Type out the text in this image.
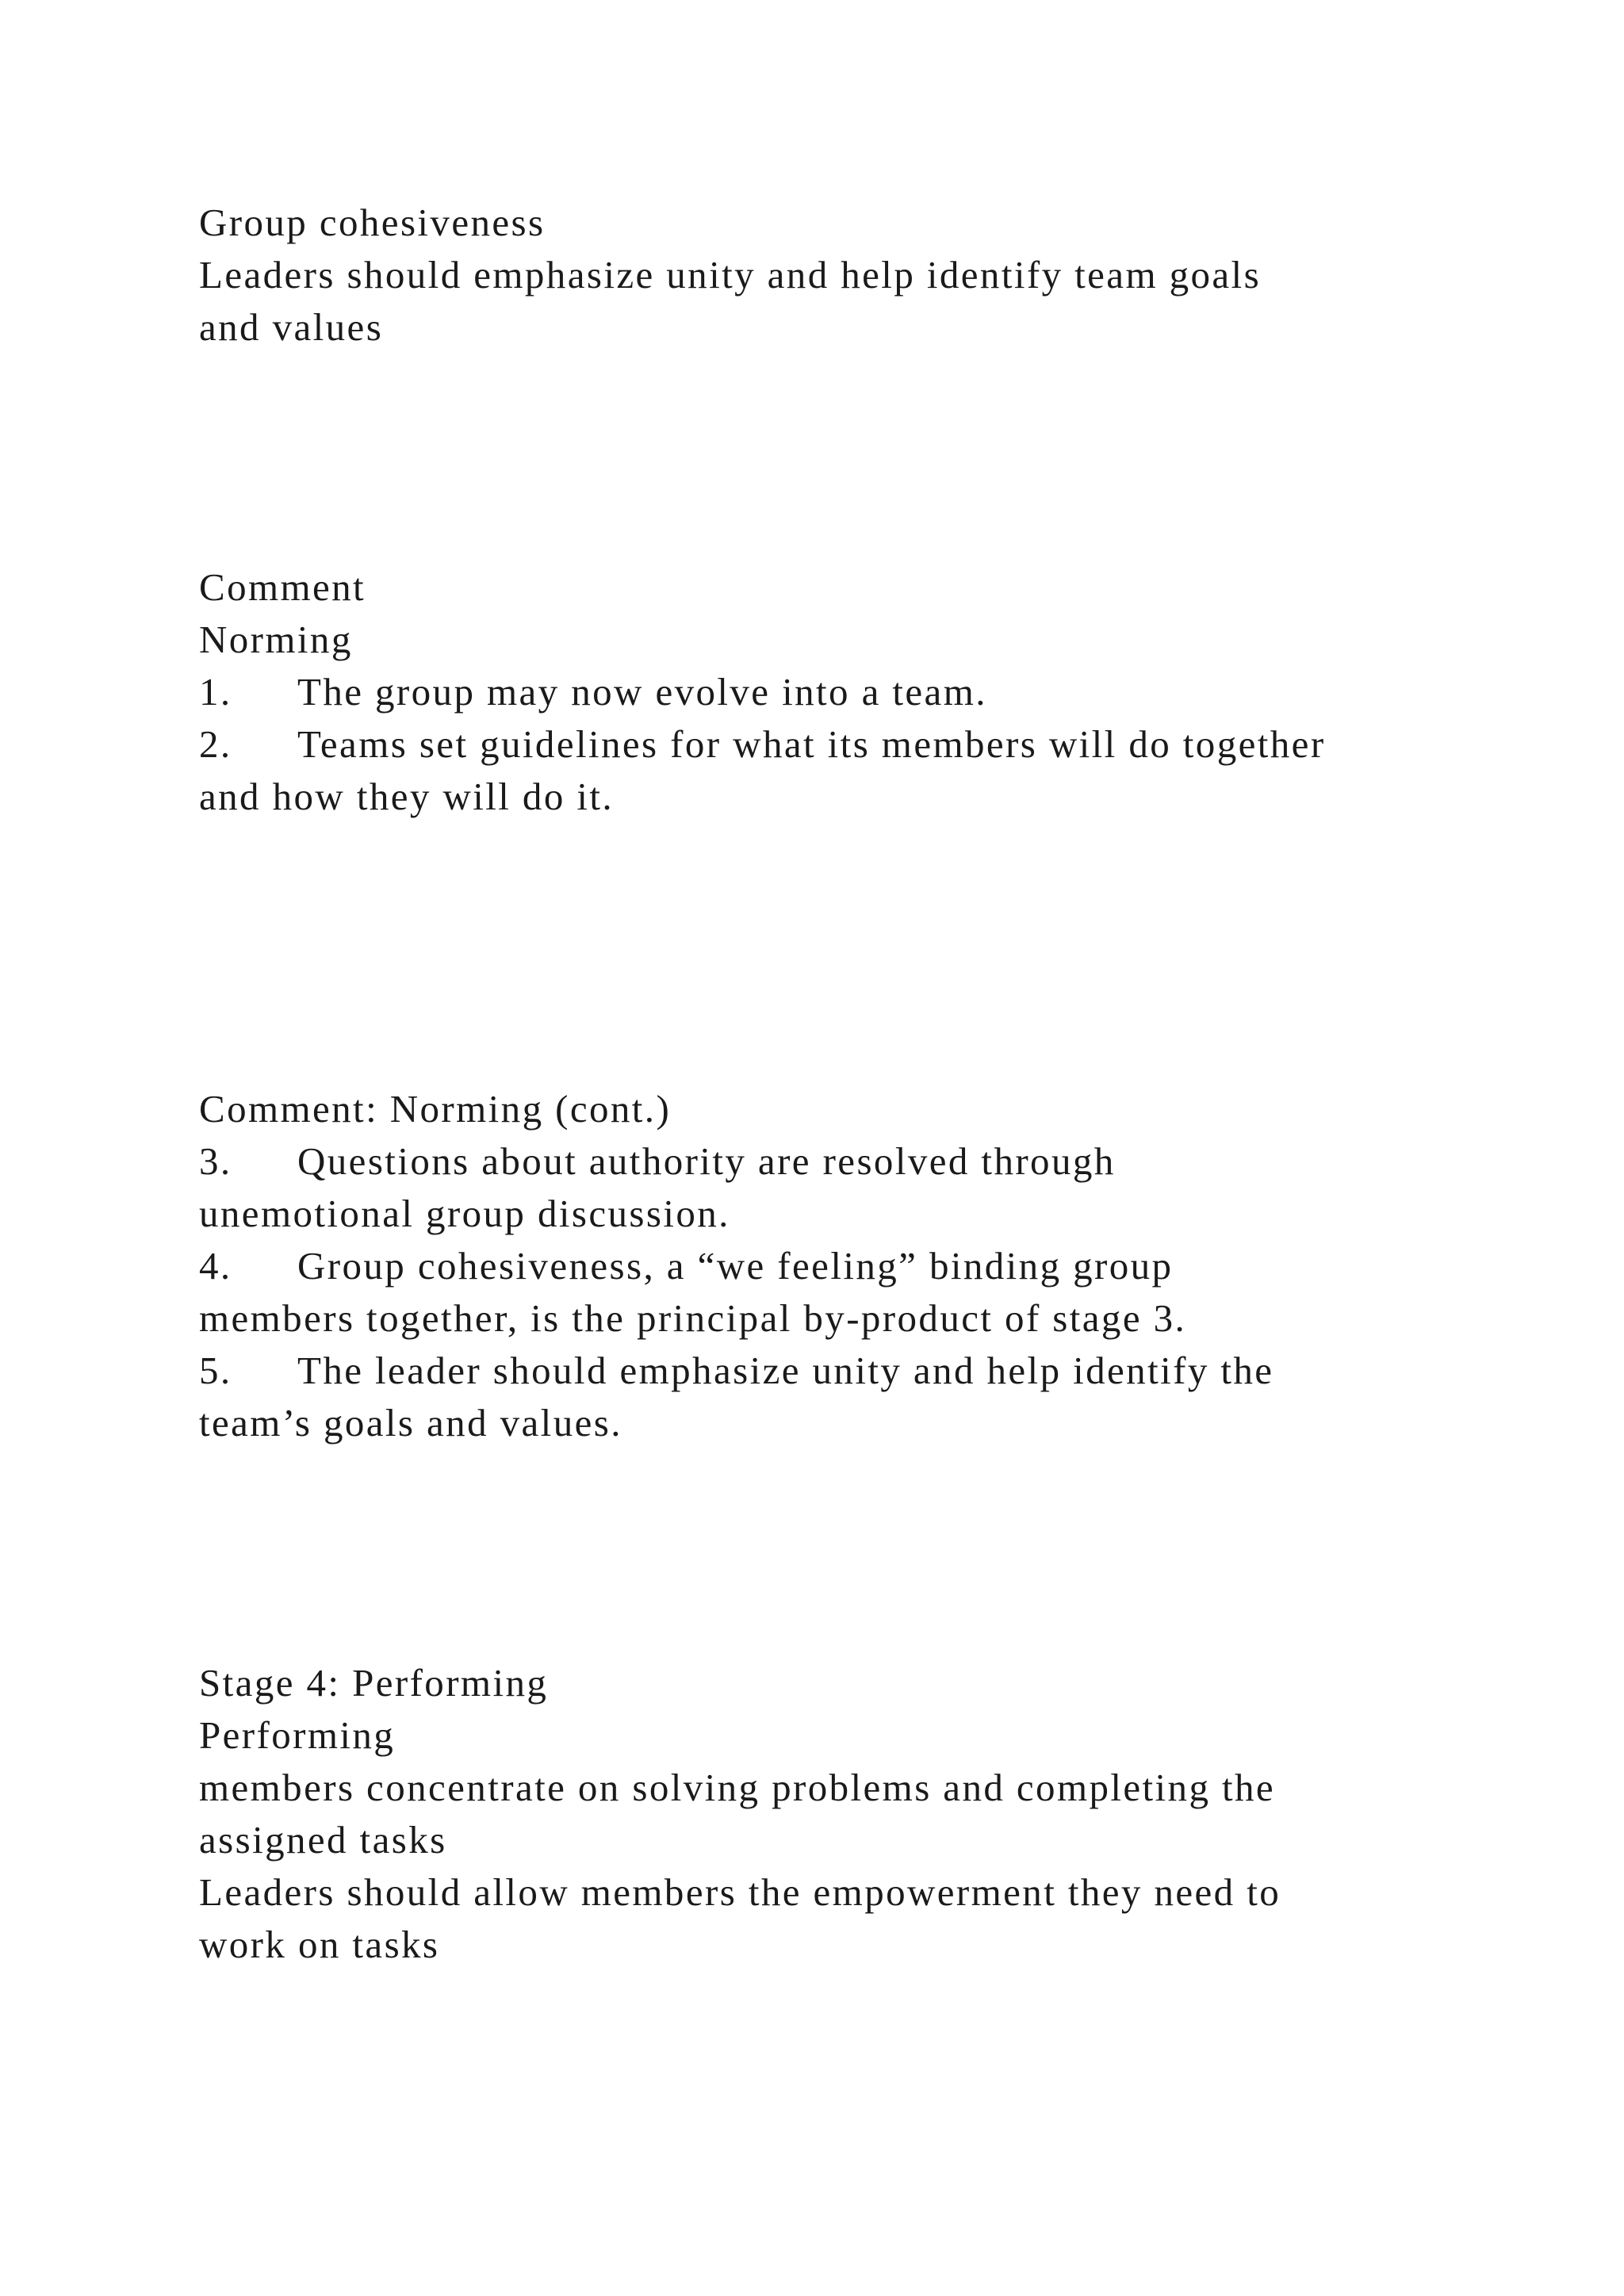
Group cohesiveness
Leaders should emphasize unity and help identify team goals
and values
Comment
Norming
1. The group may now evolve into a team.
2. Teams set guidelines for what its members will do together
and how they will do it.
Comment: Norming (cont.)
3. Questions about authority are resolved through
unemotional group discussion.
4. Group cohesiveness, a “we feeling” binding group
members together, is the principal by-product of stage 3.
5. The leader should emphasize unity and help identify the
team’s goals and values.
Stage 4: Performing
Performing
members concentrate on solving problems and completing the
assigned tasks
Leaders should allow members the empowerment they need to
work on tasks
